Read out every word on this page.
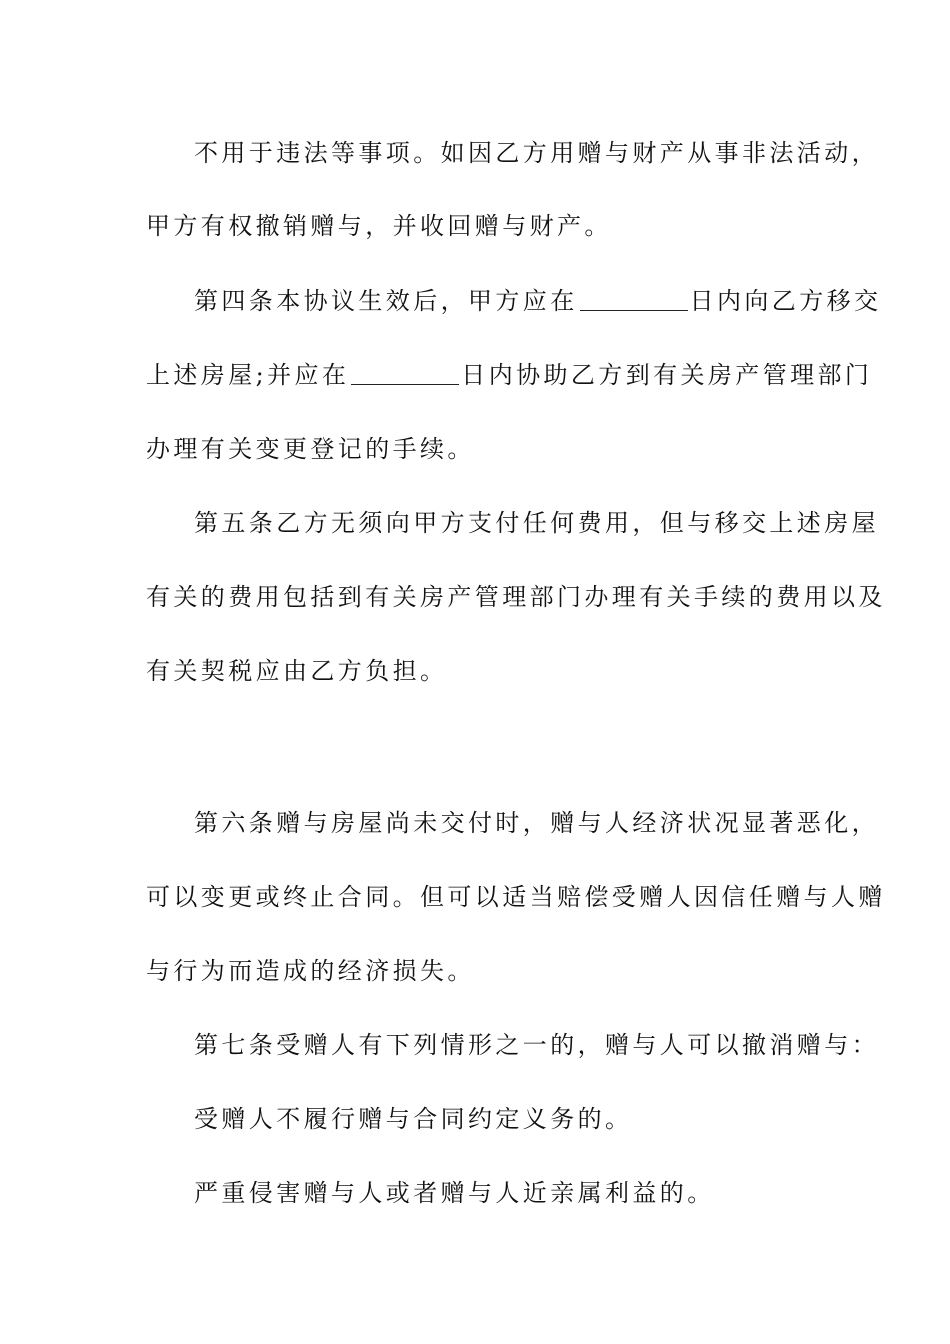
不用于违法等事项。如因乙方用赠与财产从事非法活动，
甲方有权撤销赠与，并收回赠与财产。
第四条本协议生效后，甲方应在	日内向乙方移交
上述房屋;并应在	日内协助乙方到有关房产管理部门
办理有关变更登记的手续。
第五条乙方无须向甲方支付任何费用，但与移交上述房屋
有关的费用包括到有关房产管理部门办理有关手续的费用以及
有关契税应由乙方负担。
第六条赠与房屋尚未交付时，赠与人经济状况显著恶化，
可以变更或终止合同。但可以适当赔偿受赠人因信任赠与人赠
与行为而造成的经济损失。
第七条受赠人有下列情形之一的，赠与人可以撤消赠与：
受赠人不履行赠与合同约定义务的。
严重侵害赠与人或者赠与人近亲属利益的。
